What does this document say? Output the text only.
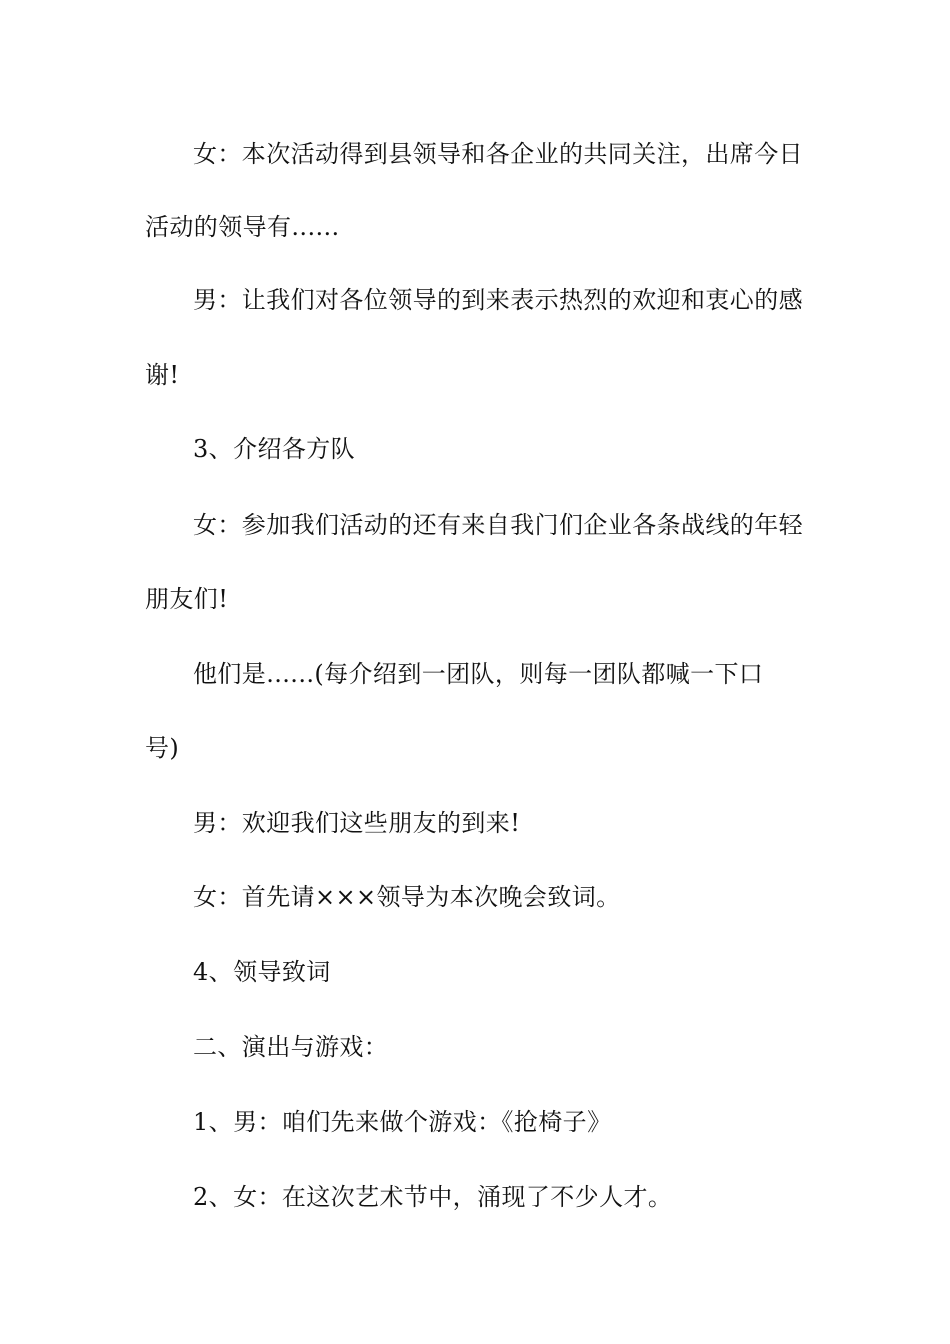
女：本次活动得到县领导和各企业的共同关注，出席今日
活动的领导有......
男：让我们对各位领导的到来表示热烈的欢迎和衷心的感
谢!
3、介绍各方队
女：参加我们活动的还有来自我门们企业各条战线的年轻
朋友们!
他们是......(每介绍到一团队，则每一团队都喊一下口
号)
男：欢迎我们这些朋友的到来!
女：首先请×××领导为本次晚会致词。
4、领导致词
二、演出与游戏：
1、男：咱们先来做个游戏：《抢椅子》
2、女：在这次艺术节中，涌现了不少人才。
